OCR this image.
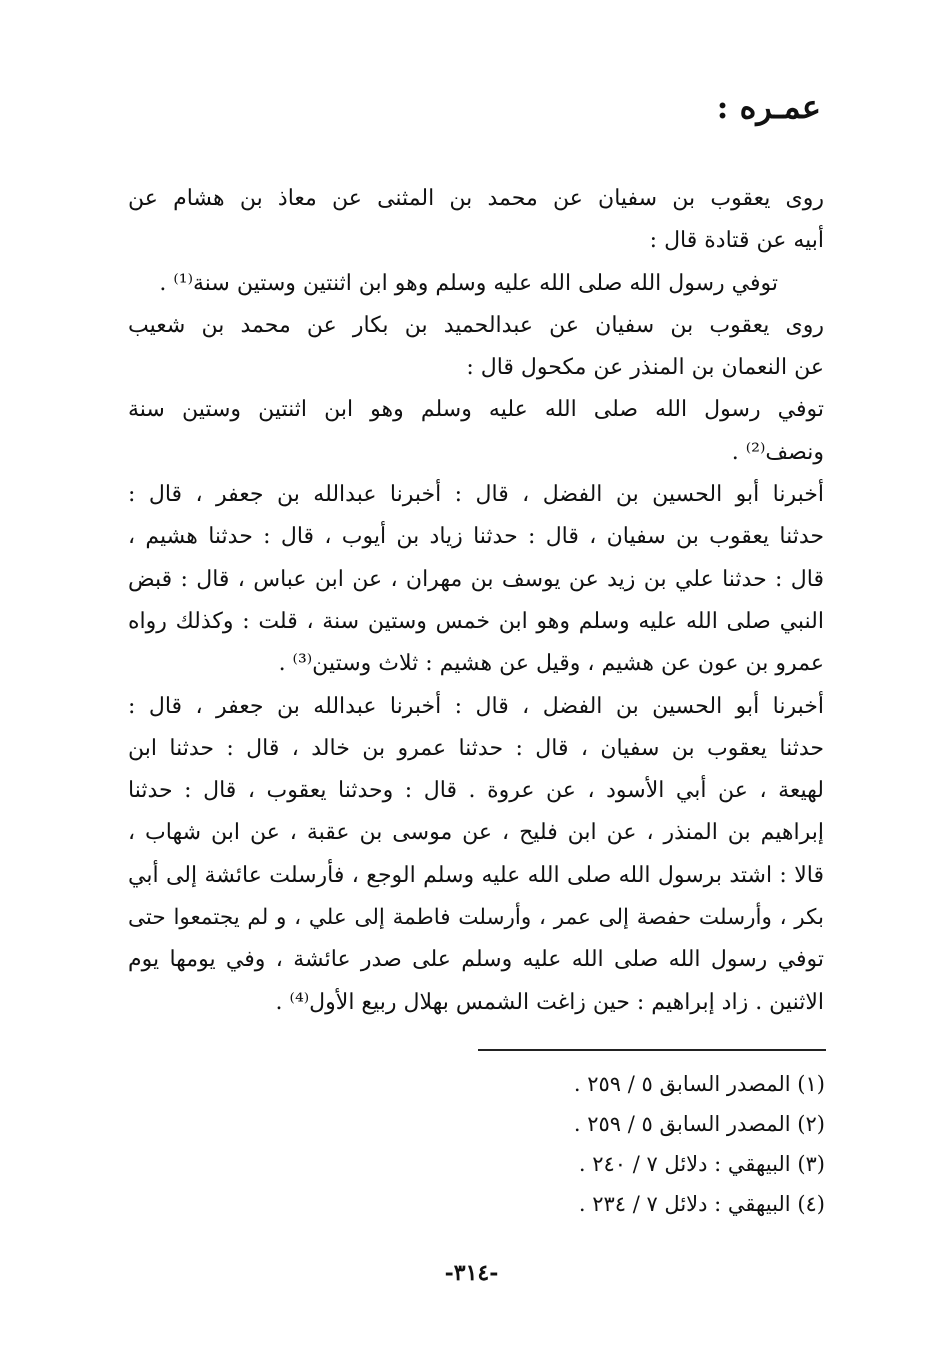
عمـره :
روى يعقوب بن سفيان عن محمد بن المثنى عن معاذ بن هشام عن
أبيه عن قتادة قال :
توفي رسول الله صلى الله عليه وسلم وهو ابن اثنتين وستين سنة⁽¹⁾ .
روى يعقوب بن سفيان عن عبدالحميد بن بكار عن محمد بن شعيب
عن النعمان بن المنذر عن مكحول قال :
توفي رسول الله صلى الله عليه وسلم وهو ابن اثنتين وستين سنة
ونصف⁽²⁾ .
أخبرنا أبو الحسين بن الفضل ، قال : أخبرنا عبدالله بن جعفر ، قال :
حدثنا يعقوب بن سفيان ، قال : حدثنا زياد بن أيوب ، قال : حدثنا هشيم ،
قال : حدثنا علي بن زيد عن يوسف بن مهران ، عن ابن عباس ، قال : قبض
النبي صلى الله عليه وسلم وهو ابن خمس وستين سنة ، قلت : وكذلك رواه
عمرو بن عون عن هشيم ، وقيل عن هشيم : ثلاث وستين⁽³⁾ .
أخبرنا أبو الحسين بن الفضل ، قال : أخبرنا عبدالله بن جعفر ، قال :
حدثنا يعقوب بن سفيان ، قال : حدثنا عمرو بن خالد ، قال : حدثنا ابن
لهيعة ، عن أبي الأسود ، عن عروة . قال : وحدثنا يعقوب ، قال : حدثنا
إبراهيم بن المنذر ، عن ابن فليح ، عن موسى بن عقبة ، عن ابن شهاب ،
قالا : اشتد برسول الله صلى الله عليه وسلم الوجع ، فأرسلت عائشة إلى أبي
بكر ، وأرسلت حفصة إلى عمر ، وأرسلت فاطمة إلى علي ، و لم يجتمعوا حتى
توفي رسول الله صلى الله عليه وسلم على صدر عائشة ، وفي يومها يوم
الاثنين . زاد إبراهيم : حين زاغت الشمس بهلال ربيع الأول⁽⁴⁾ .
(١) المصدر السابق ٥ / ٢٥٩ .
(٢) المصدر السابق ٥ / ٢٥٩ .
(٣) البيهقي : دلائل ٧ / ٢٤٠ .
(٤) البيهقي : دلائل ٧ / ٢٣٤ .
-٣١٤-
